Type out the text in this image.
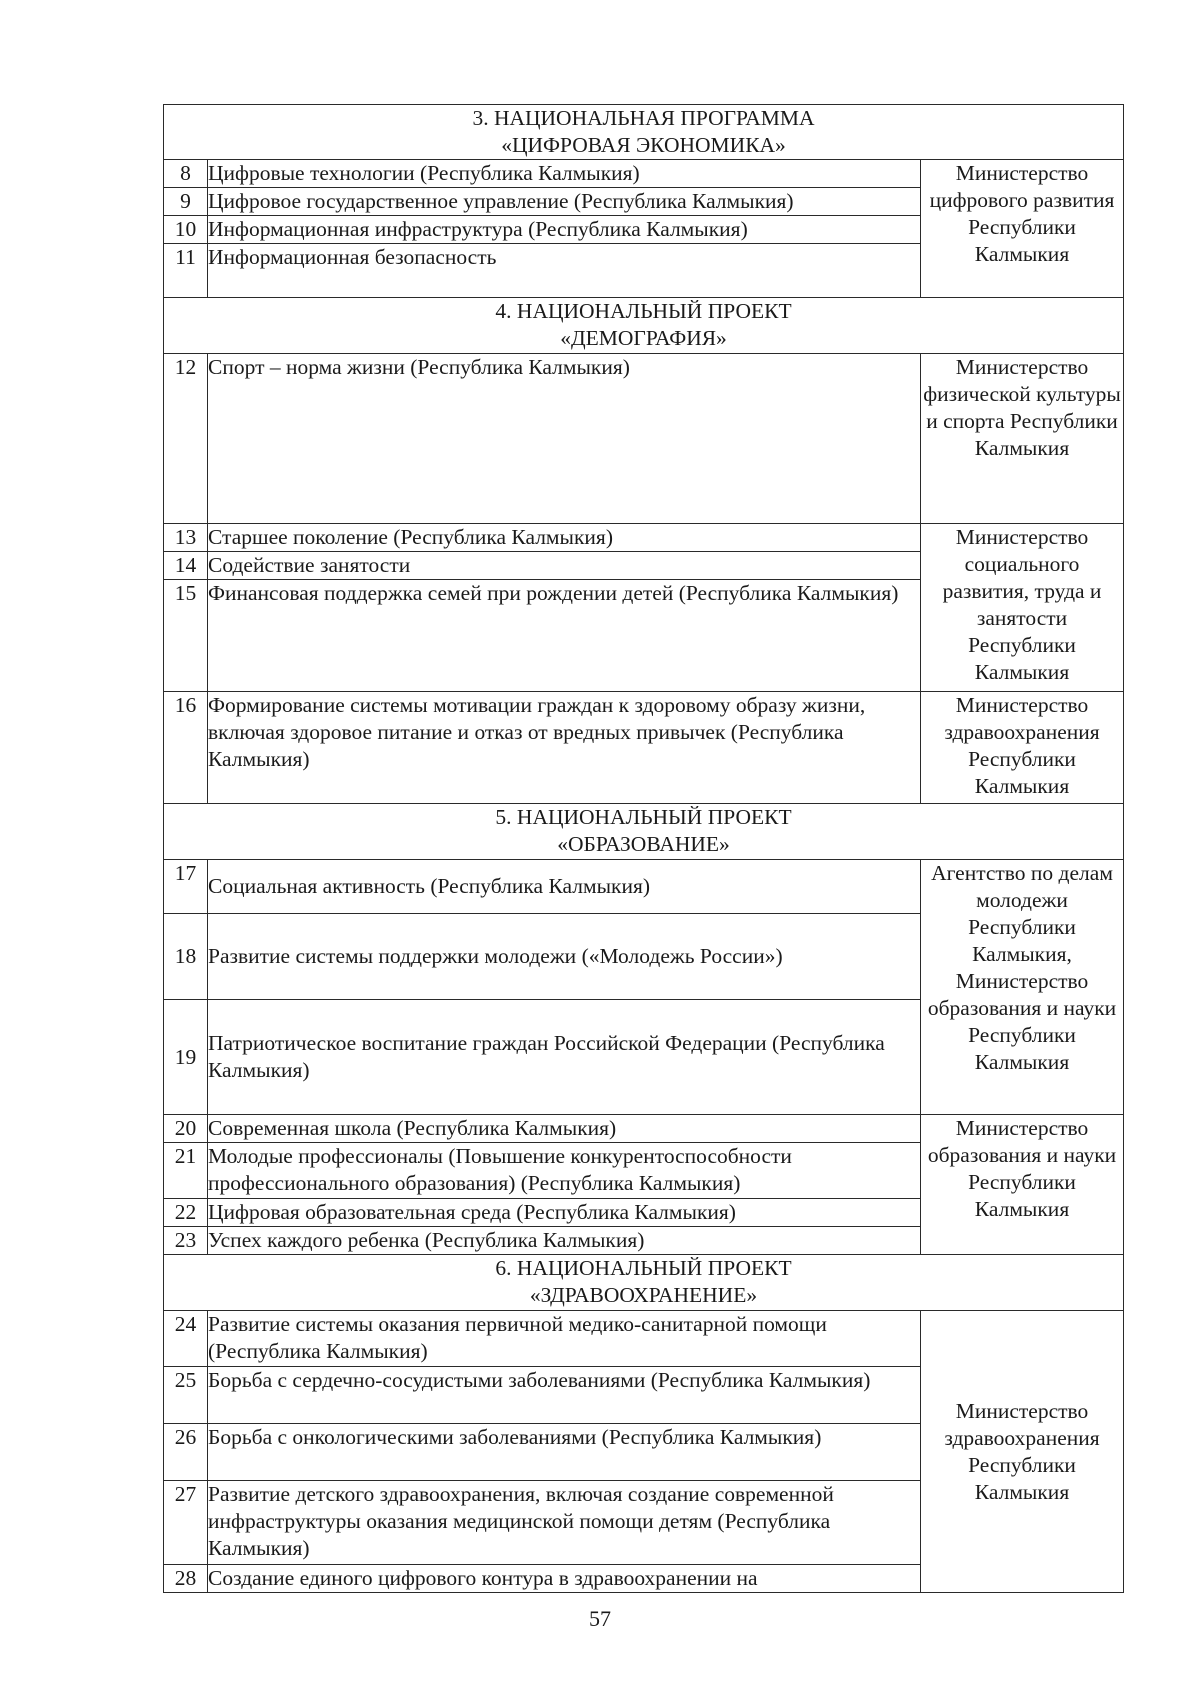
3. НАЦИОНАЛЬНАЯ ПРОГРАММА
«ЦИФРОВАЯ ЭКОНОМИКА»		

8	Цифровые технологии (Республика Калмыкия)	Министерство цифрового развития Республики Калмыкия
9	Цифровое государственное управление (Республика Калмыкия)	
10	Информационная инфраструктура (Республика Калмыкия)	
11	Информационная безопасность	

4. НАЦИОНАЛЬНЫЙ ПРОЕКТ
«ДЕМОГРАФИЯ»		

12	Спорт – норма жизни (Республика Калмыкия)	Министерство физической культуры и спорта Республики Калмыкия
13	Старшее поколение (Республика Калмыкия)	Министерство социального развития, труда и занятости Республики Калмыкия
14	Содействие занятости	
15	Финансовая поддержка семей при рождении детей (Республика Калмыкия)	
16	Формирование системы мотивации граждан к здоровому образу жизни, включая здоровое питание и отказ от вредных привычек (Республика Калмыкия)	Министерство здравоохранения Республики Калмыкия

5. НАЦИОНАЛЬНЫЙ ПРОЕКТ
«ОБРАЗОВАНИЕ»		

17	Социальная активность (Республика Калмыкия)	Агентство по делам молодежи Республики Калмыкия, Министерство образования и науки Республики Калмыкия
18	Развитие системы поддержки молодежи («Молодежь России»)	
19	Патриотическое воспитание граждан Российской Федерации (Республика Калмыкия)	
20	Современная школа (Республика Калмыкия)	Министерство образования и науки Республики Калмыкия
21	Молодые профессионалы (Повышение конкурентоспособности профессионального образования) (Республика Калмыкия)	
22	Цифровая образовательная среда (Республика Калмыкия)	
23	Успех каждого ребенка (Республика Калмыкия)	

6. НАЦИОНАЛЬНЫЙ ПРОЕКТ
«ЗДРАВООХРАНЕНИЕ»		

24	Развитие системы оказания первичной медико-санитарной помощи (Республика Калмыкия)	Министерство здравоохранения Республики Калмыкия
25	Борьба с сердечно-сосудистыми заболеваниями (Республика Калмыкия)	
26	Борьба с онкологическими заболеваниями (Республика Калмыкия)	
27	Развитие детского здравоохранения, включая создание современной инфраструктуры оказания медицинской помощи детям (Республика Калмыкия)	
28	Создание единого цифрового контура в здравоохранении на	
57
